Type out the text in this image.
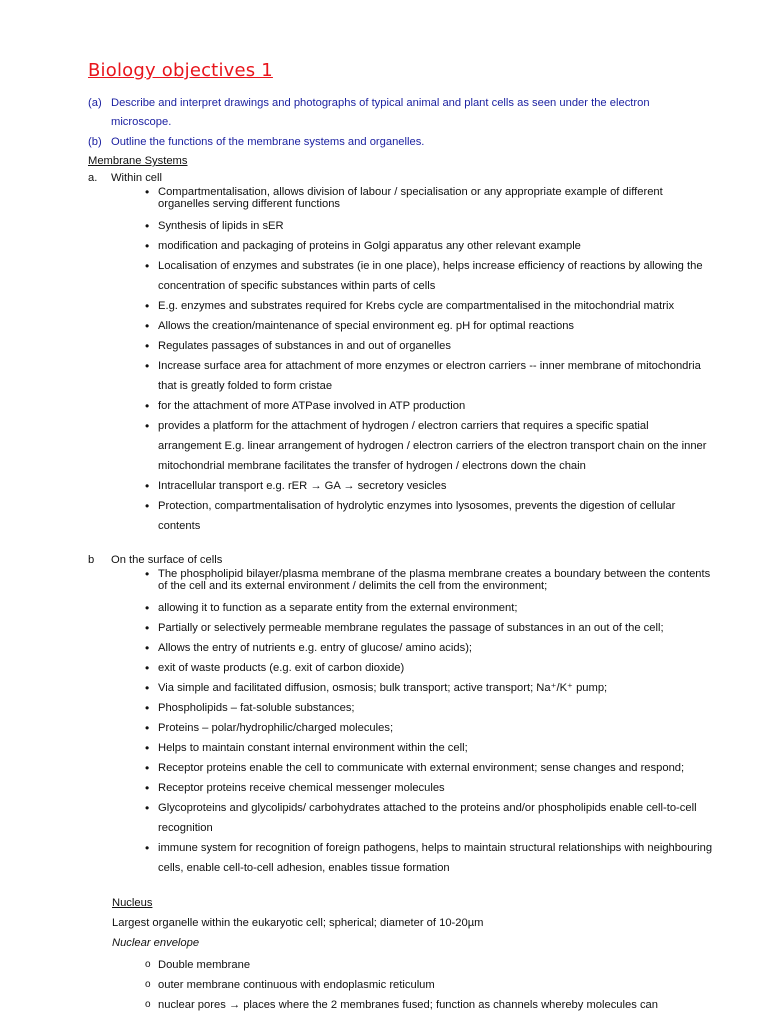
Biology objectives 1
(a) Describe and interpret drawings and photographs of typical animal and plant cells as seen under the electron
microscope.
(b) Outline the functions of the membrane systems and organelles.
Membrane Systems
a. Within cell
• Compartmentalisation, allows division of labour / specialisation or any appropriate example of different organelles serving different functions
• Synthesis of lipids in sER
• modification and packaging of proteins in Golgi apparatus any other relevant example
• Localisation of enzymes and substrates (ie in one place), helps increase efficiency of reactions by allowing the concentration of specific substances within parts of cells
• E.g. enzymes and substrates required for Krebs cycle are compartmentalised in the mitochondrial matrix
• Allows the creation/maintenance of special environment eg. pH for optimal reactions
• Regulates passages of substances in and out of organelles
• Increase surface area for attachment of more enzymes or electron carriers -- inner membrane of mitochondria that is greatly folded to form cristae
• for the attachment of more ATPase involved in ATP production
• provides a platform for the attachment of hydrogen / electron carriers that requires a specific spatial arrangement E.g. linear arrangement of hydrogen / electron carriers of the electron transport chain on the inner mitochondrial membrane facilitates the transfer of hydrogen / electrons down the chain
• Intracellular transport e.g. rER → GA → secretory vesicles
• Protection, compartmentalisation of hydrolytic enzymes into lysosomes, prevents the digestion of cellular contents
b On the surface of cells
• The phospholipid bilayer/plasma membrane of the plasma membrane creates a boundary between the contents of the cell and its external environment / delimits the cell from the environment;
• allowing it to function as a separate entity from the external environment;
• Partially or selectively permeable membrane regulates the passage of substances in an out of the cell;
• Allows the entry of nutrients e.g. entry of glucose/ amino acids);
• exit of waste products (e.g. exit of carbon dioxide)
• Via simple and facilitated diffusion, osmosis; bulk transport; active transport; Na⁺/K⁺ pump;
• Phospholipids – fat-soluble substances;
• Proteins – polar/hydrophilic/charged molecules;
• Helps to maintain constant internal environment within the cell;
• Receptor proteins enable the cell to communicate with external environment; sense changes and respond;
• Receptor proteins receive chemical messenger molecules
• Glycoproteins and glycolipids/ carbohydrates attached to the proteins and/or phospholipids enable cell-to-cell recognition
• immune system for recognition of foreign pathogens, helps to maintain structural relationships with neighbouring cells, enable cell-to-cell adhesion, enables tissue formation
Nucleus
Largest organelle within the eukaryotic cell; spherical; diameter of 10-20µm
Nuclear envelope
o Double membrane
o outer membrane continuous with endoplasmic reticulum
o nuclear pores → places where the 2 membranes fused; function as channels whereby molecules can
